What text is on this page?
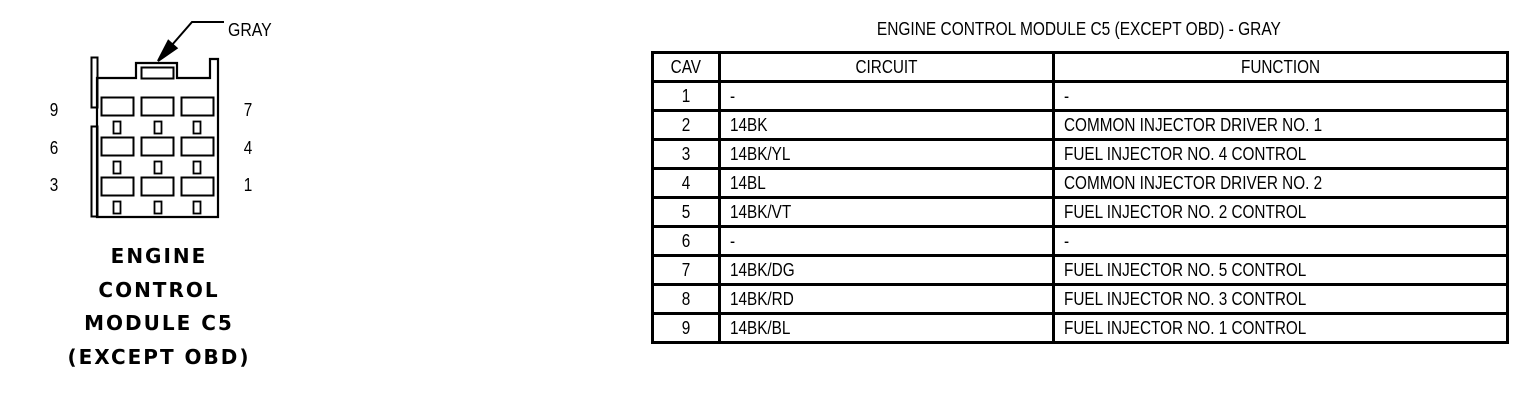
GRAY
9
6
3
7
4
1
ENGINE
CONTROL
MODULE C5
(EXCEPT OBD)
ENGINE CONTROL MODULE C5 (EXCEPT OBD) - GRAY
CAV	CIRCUIT	FUNCTION
1	-	-
2	14BK	COMMON INJECTOR DRIVER NO. 1
3	14BK/YL	FUEL INJECTOR NO. 4 CONTROL
4	14BL	COMMON INJECTOR DRIVER NO. 2
5	14BK/VT	FUEL INJECTOR NO. 2 CONTROL
6	-	-
7	14BK/DG	FUEL INJECTOR NO. 5 CONTROL
8	14BK/RD	FUEL INJECTOR NO. 3 CONTROL
9	14BK/BL	FUEL INJECTOR NO. 1 CONTROL
